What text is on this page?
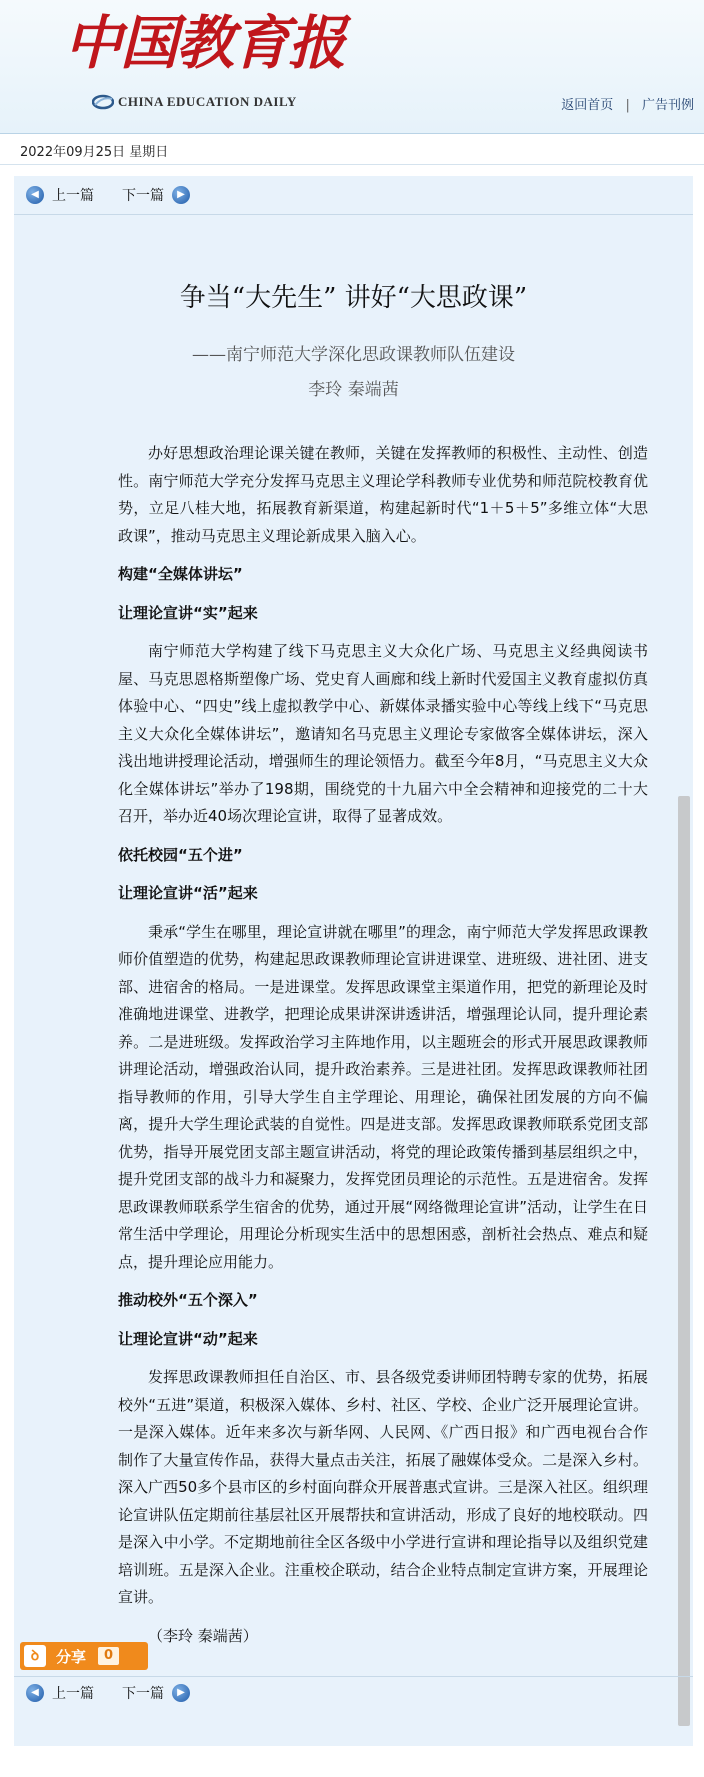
中国教育报
CHINA EDUCATION DAILY	返回首页 | 广告刊例
2022年09月25日 星期日
◀ 上一篇 下一篇	▶
争当“大先生” 讲好“大思政课”
——南宁师范大学深化思政课教师队伍建设
李玲 秦端茜

办好思想政治理论课关键在教师，关键在发挥教师的积极性、主动性、创造性。南宁师范大学充分发挥马克思主义理论学科教师专业优势和师范院校教育优势，立足八桂大地，拓展教育新渠道，构建起新时代“1＋5＋5”多维立体“大思政课”，推动马克思主义理论新成果入脑入心。

构建“全媒体讲坛”
让理论宣讲“实”起来

南宁师范大学构建了线下马克思主义大众化广场、马克思主义经典阅读书屋、马克思恩格斯塑像广场、党史育人画廊和线上新时代爱国主义教育虚拟仿真体验中心、“四史”线上虚拟教学中心、新媒体录播实验中心等线上线下“马克思主义大众化全媒体讲坛”，邀请知名马克思主义理论专家做客全媒体讲坛，深入浅出地讲授理论活动，增强师生的理论领悟力。截至今年8月，“马克思主义大众化全媒体讲坛”举办了198期，围绕党的十九届六中全会精神和迎接党的二十大召开，举办近40场次理论宣讲，取得了显著成效。

依托校园“五个进”
让理论宣讲“活”起来

秉承“学生在哪里，理论宣讲就在哪里”的理念，南宁师范大学发挥思政课教师价值塑造的优势，构建起思政课教师理论宣讲进课堂、进班级、进社团、进支部、进宿舍的格局。一是进课堂。发挥思政课堂主渠道作用，把党的新理论及时准确地进课堂、进教学，把理论成果讲深讲透讲活，增强理论认同，提升理论素养。二是进班级。发挥政治学习主阵地作用，以主题班会的形式开展思政课教师讲理论活动，增强政治认同，提升政治素养。三是进社团。发挥思政课教师社团指导教师的作用，引导大学生自主学理论、用理论，确保社团发展的方向不偏离，提升大学生理论武装的自觉性。四是进支部。发挥思政课教师联系党团支部优势，指导开展党团支部主题宣讲活动，将党的理论政策传播到基层组织之中，提升党团支部的战斗力和凝聚力，发挥党团员理论的示范性。五是进宿舍。发挥思政课教师联系学生宿舍的优势，通过开展“网络微理论宣讲”活动，让学生在日常生活中学理论，用理论分析现实生活中的思想困惑，剖析社会热点、难点和疑点，提升理论应用能力。

推动校外“五个深入”
让理论宣讲“动”起来

发挥思政课教师担任自治区、市、县各级党委讲师团特聘专家的优势，拓展校外“五进”渠道，积极深入媒体、乡村、社区、学校、企业广泛开展理论宣讲。一是深入媒体。近年来多次与新华网、人民网、《广西日报》和广西电视台合作制作了大量宣传作品，获得大量点击关注，拓展了融媒体受众。二是深入乡村。深入广西50多个县市区的乡村面向群众开展普惠式宣讲。三是深入社区。组织理论宣讲队伍定期前往基层社区开展帮扶和宣讲活动，形成了良好的地校联动。四是深入中小学。不定期地前往全区各级中小学进行宣讲和理论指导以及组织党建培训班。五是深入企业。注重校企联动，结合企业特点制定宣讲方案，开展理论宣讲。

（李玲 秦端茜）

ꝺ	分享	0
◀ 上一篇 下一篇	▶
